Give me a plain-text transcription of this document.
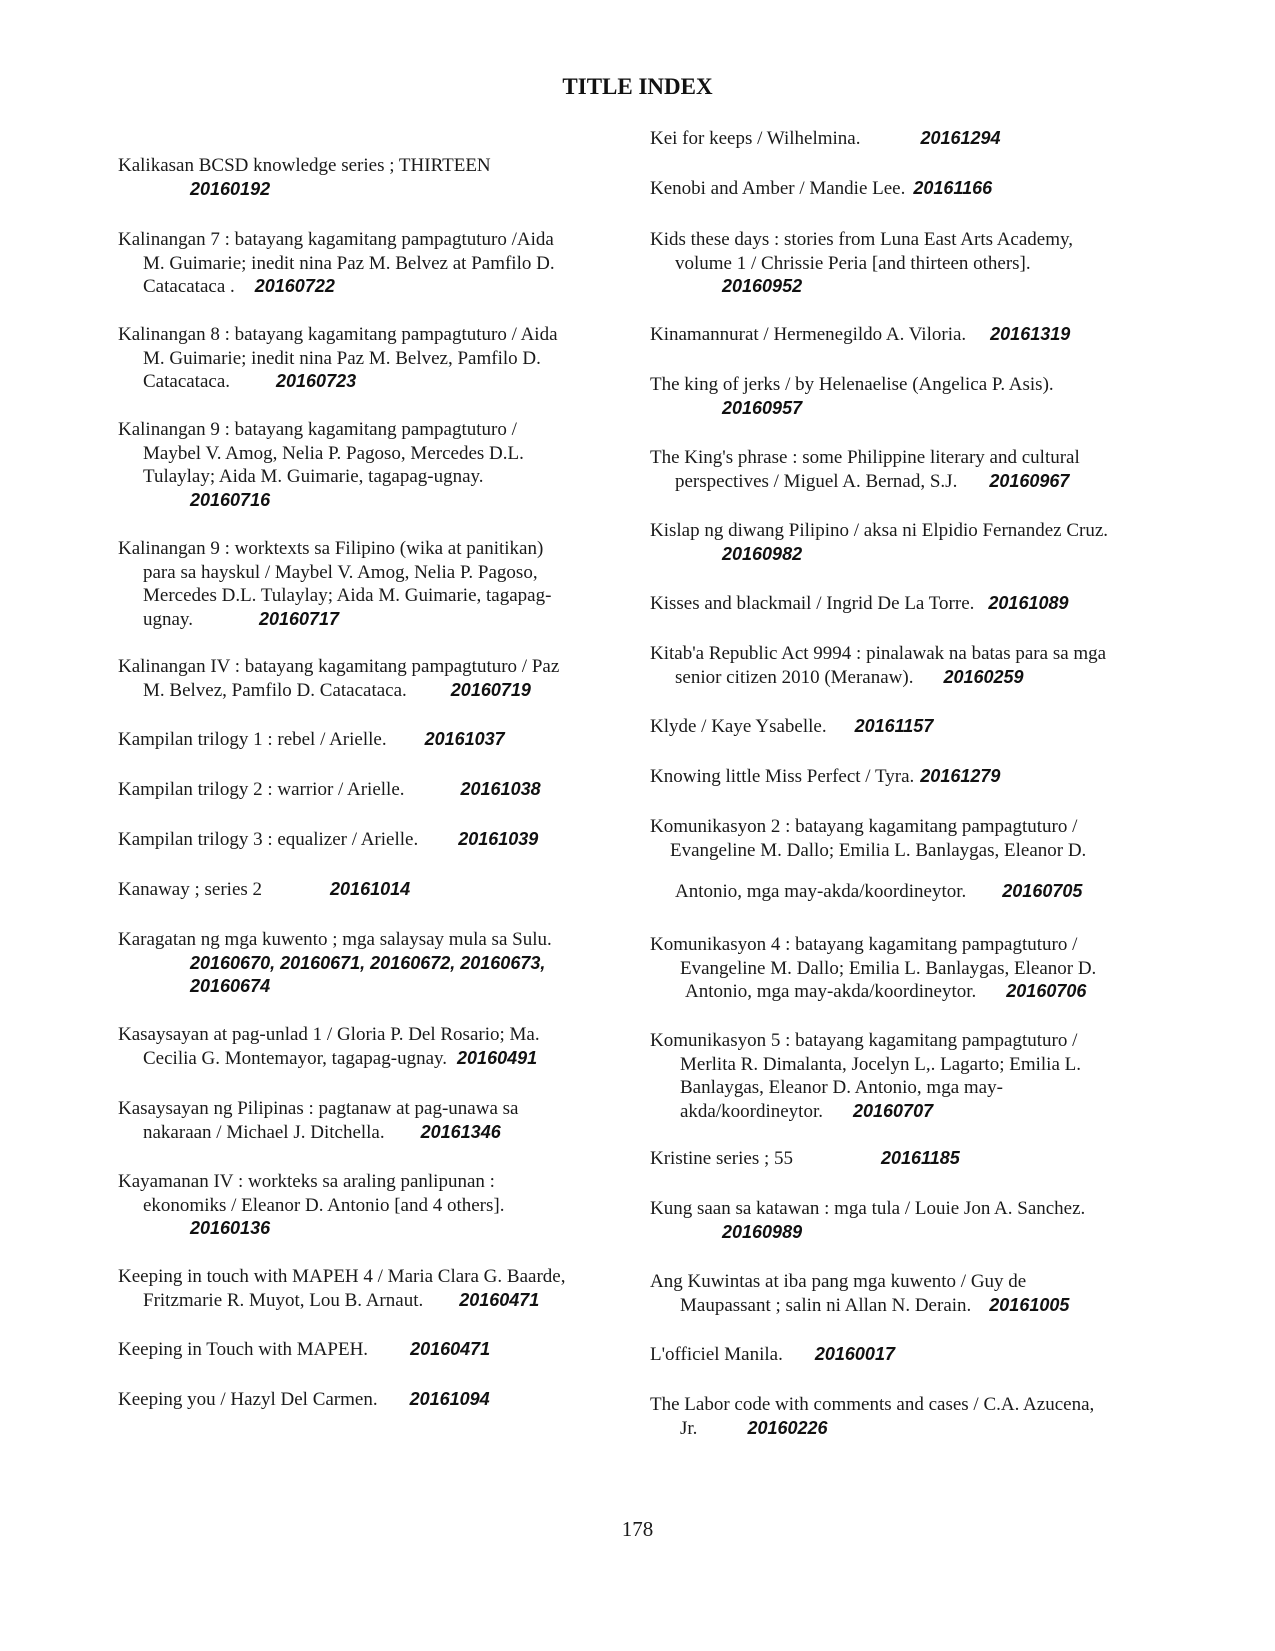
TITLE INDEX
Kalikasan BCSD knowledge series ; THIRTEEN
20160192
Kalinangan 7 : batayang kagamitang pampagtuturo /Aida
M. Guimarie; inedit nina Paz M. Belvez at Pamfilo D.
Catacataca . 20160722
Kalinangan 8 : batayang kagamitang pampagtuturo / Aida
M. Guimarie; inedit nina Paz M. Belvez, Pamfilo D.
Catacataca.	20160723
Kalinangan 9 : batayang kagamitang pampagtuturo /
Maybel V. Amog, Nelia P. Pagoso, Mercedes D.L.
Tulaylay; Aida M. Guimarie, tagapag-ugnay.
20160716
Kalinangan 9 : worktexts sa Filipino (wika at panitikan)
para sa hayskul / Maybel V. Amog, Nelia P. Pagoso,
Mercedes D.L. Tulaylay; Aida M. Guimarie, tagapag-
ugnay.	20160717
Kalinangan IV : batayang kagamitang pampagtuturo / Paz
M. Belvez, Pamfilo D. Catacataca. 20160719
Kampilan trilogy 1 : rebel / Arielle. 20161037
Kampilan trilogy 2 : warrior / Arielle.	20161038
Kampilan trilogy 3 : equalizer / Arielle. 20161039
Kanaway ; series 2	20161014
Karagatan ng mga kuwento ; mga salaysay mula sa Sulu.
20160670, 20160671, 20160672, 20160673,
20160674
Kasaysayan at pag-unlad 1 / Gloria P. Del Rosario; Ma.
Cecilia G. Montemayor, tagapag-ugnay. 20160491
Kasaysayan ng Pilipinas : pagtanaw at pag-unawa sa
nakaraan / Michael J. Ditchella. 20161346
Kayamanan IV : workteks sa araling panlipunan :
ekonomiks / Eleanor D. Antonio [and 4 others].
20160136
Keeping in touch with MAPEH 4 / Maria Clara G. Baarde,
Fritzmarie R. Muyot, Lou B. Arnaut. 20160471
Keeping in Touch with MAPEH. 20160471
Keeping you / Hazyl Del Carmen. 20161094
Kei for keeps / Wilhelmina.	20161294
Kenobi and Amber / Mandie Lee. 20161166
Kids these days : stories from Luna East Arts Academy,
volume 1 / Chrissie Peria [and thirteen others].
20160952
Kinamannurat / Hermenegildo A. Viloria. 20161319
The king of jerks / by Helenaelise (Angelica P. Asis).
20160957
The King's phrase : some Philippine literary and cultural
perspectives / Miguel A. Bernad, S.J. 20160967
Kislap ng diwang Pilipino / aksa ni Elpidio Fernandez Cruz.
20160982
Kisses and blackmail / Ingrid De La Torre. 20161089
Kitab'a Republic Act 9994 : pinalawak na batas para sa mga
senior citizen 2010 (Meranaw). 20160259
Klyde / Kaye Ysabelle. 20161157
Knowing little Miss Perfect / Tyra. 20161279
Komunikasyon 2 : batayang kagamitang pampagtuturo /
Evangeline M. Dallo; Emilia L. Banlaygas, Eleanor D.
Antonio, mga may-akda/koordineytor. 20160705
Komunikasyon 4 : batayang kagamitang pampagtuturo /
Evangeline M. Dallo; Emilia L. Banlaygas, Eleanor D.
Antonio, mga may-akda/koordineytor. 20160706
Komunikasyon 5 : batayang kagamitang pampagtuturo /
Merlita R. Dimalanta, Jocelyn L,. Lagarto; Emilia L.
Banlaygas, Eleanor D. Antonio, mga may-
akda/koordineytor. 20160707
Kristine series ; 55	20161185
Kung saan sa katawan : mga tula / Louie Jon A. Sanchez.
20160989
Ang Kuwintas at iba pang mga kuwento / Guy de
Maupassant ; salin ni Allan N. Derain. 20161005
L'officiel Manila. 20160017
The Labor code with comments and cases / C.A. Azucena,
Jr.	20160226
178
